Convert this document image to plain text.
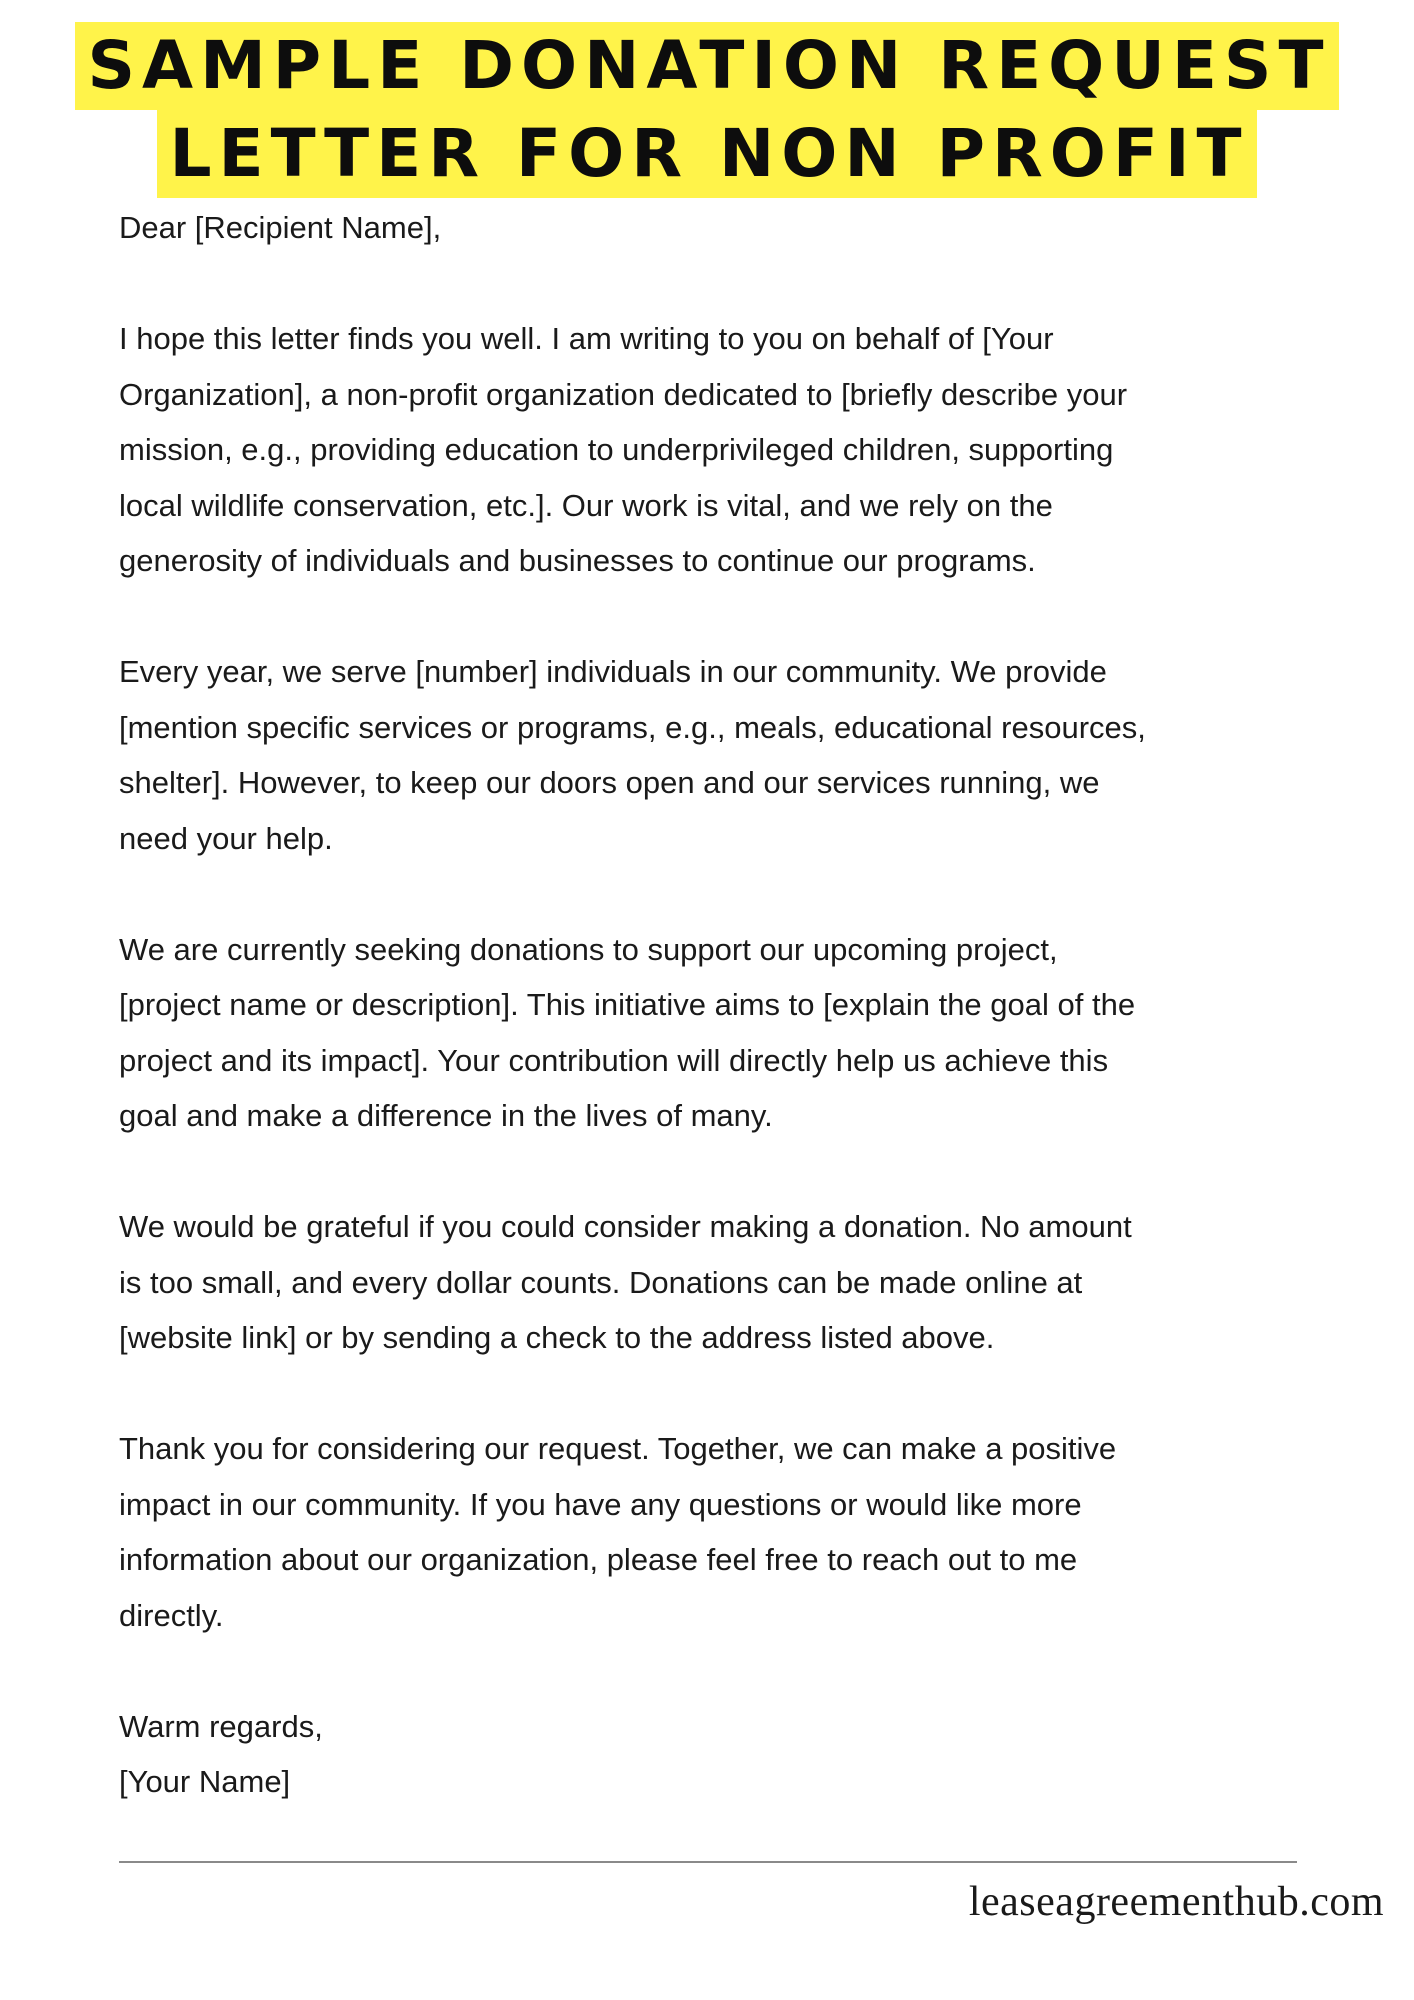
SAMPLE DONATION REQUEST
LETTER FOR NON PROFIT

Dear [Recipient Name],

I hope this letter finds you well. I am writing to you on behalf of [Your
Organization], a non-profit organization dedicated to [briefly describe your
mission, e.g., providing education to underprivileged children, supporting
local wildlife conservation, etc.]. Our work is vital, and we rely on the
generosity of individuals and businesses to continue our programs.

Every year, we serve [number] individuals in our community. We provide
[mention specific services or programs, e.g., meals, educational resources,
shelter]. However, to keep our doors open and our services running, we
need your help.

We are currently seeking donations to support our upcoming project,
[project name or description]. This initiative aims to [explain the goal of the
project and its impact]. Your contribution will directly help us achieve this
goal and make a difference in the lives of many.

We would be grateful if you could consider making a donation. No amount
is too small, and every dollar counts. Donations can be made online at
[website link] or by sending a check to the address listed above.

Thank you for considering our request. Together, we can make a positive
impact in our community. If you have any questions or would like more
information about our organization, please feel free to reach out to me
directly.

Warm regards,
[Your Name]
leaseagreementhub.com
